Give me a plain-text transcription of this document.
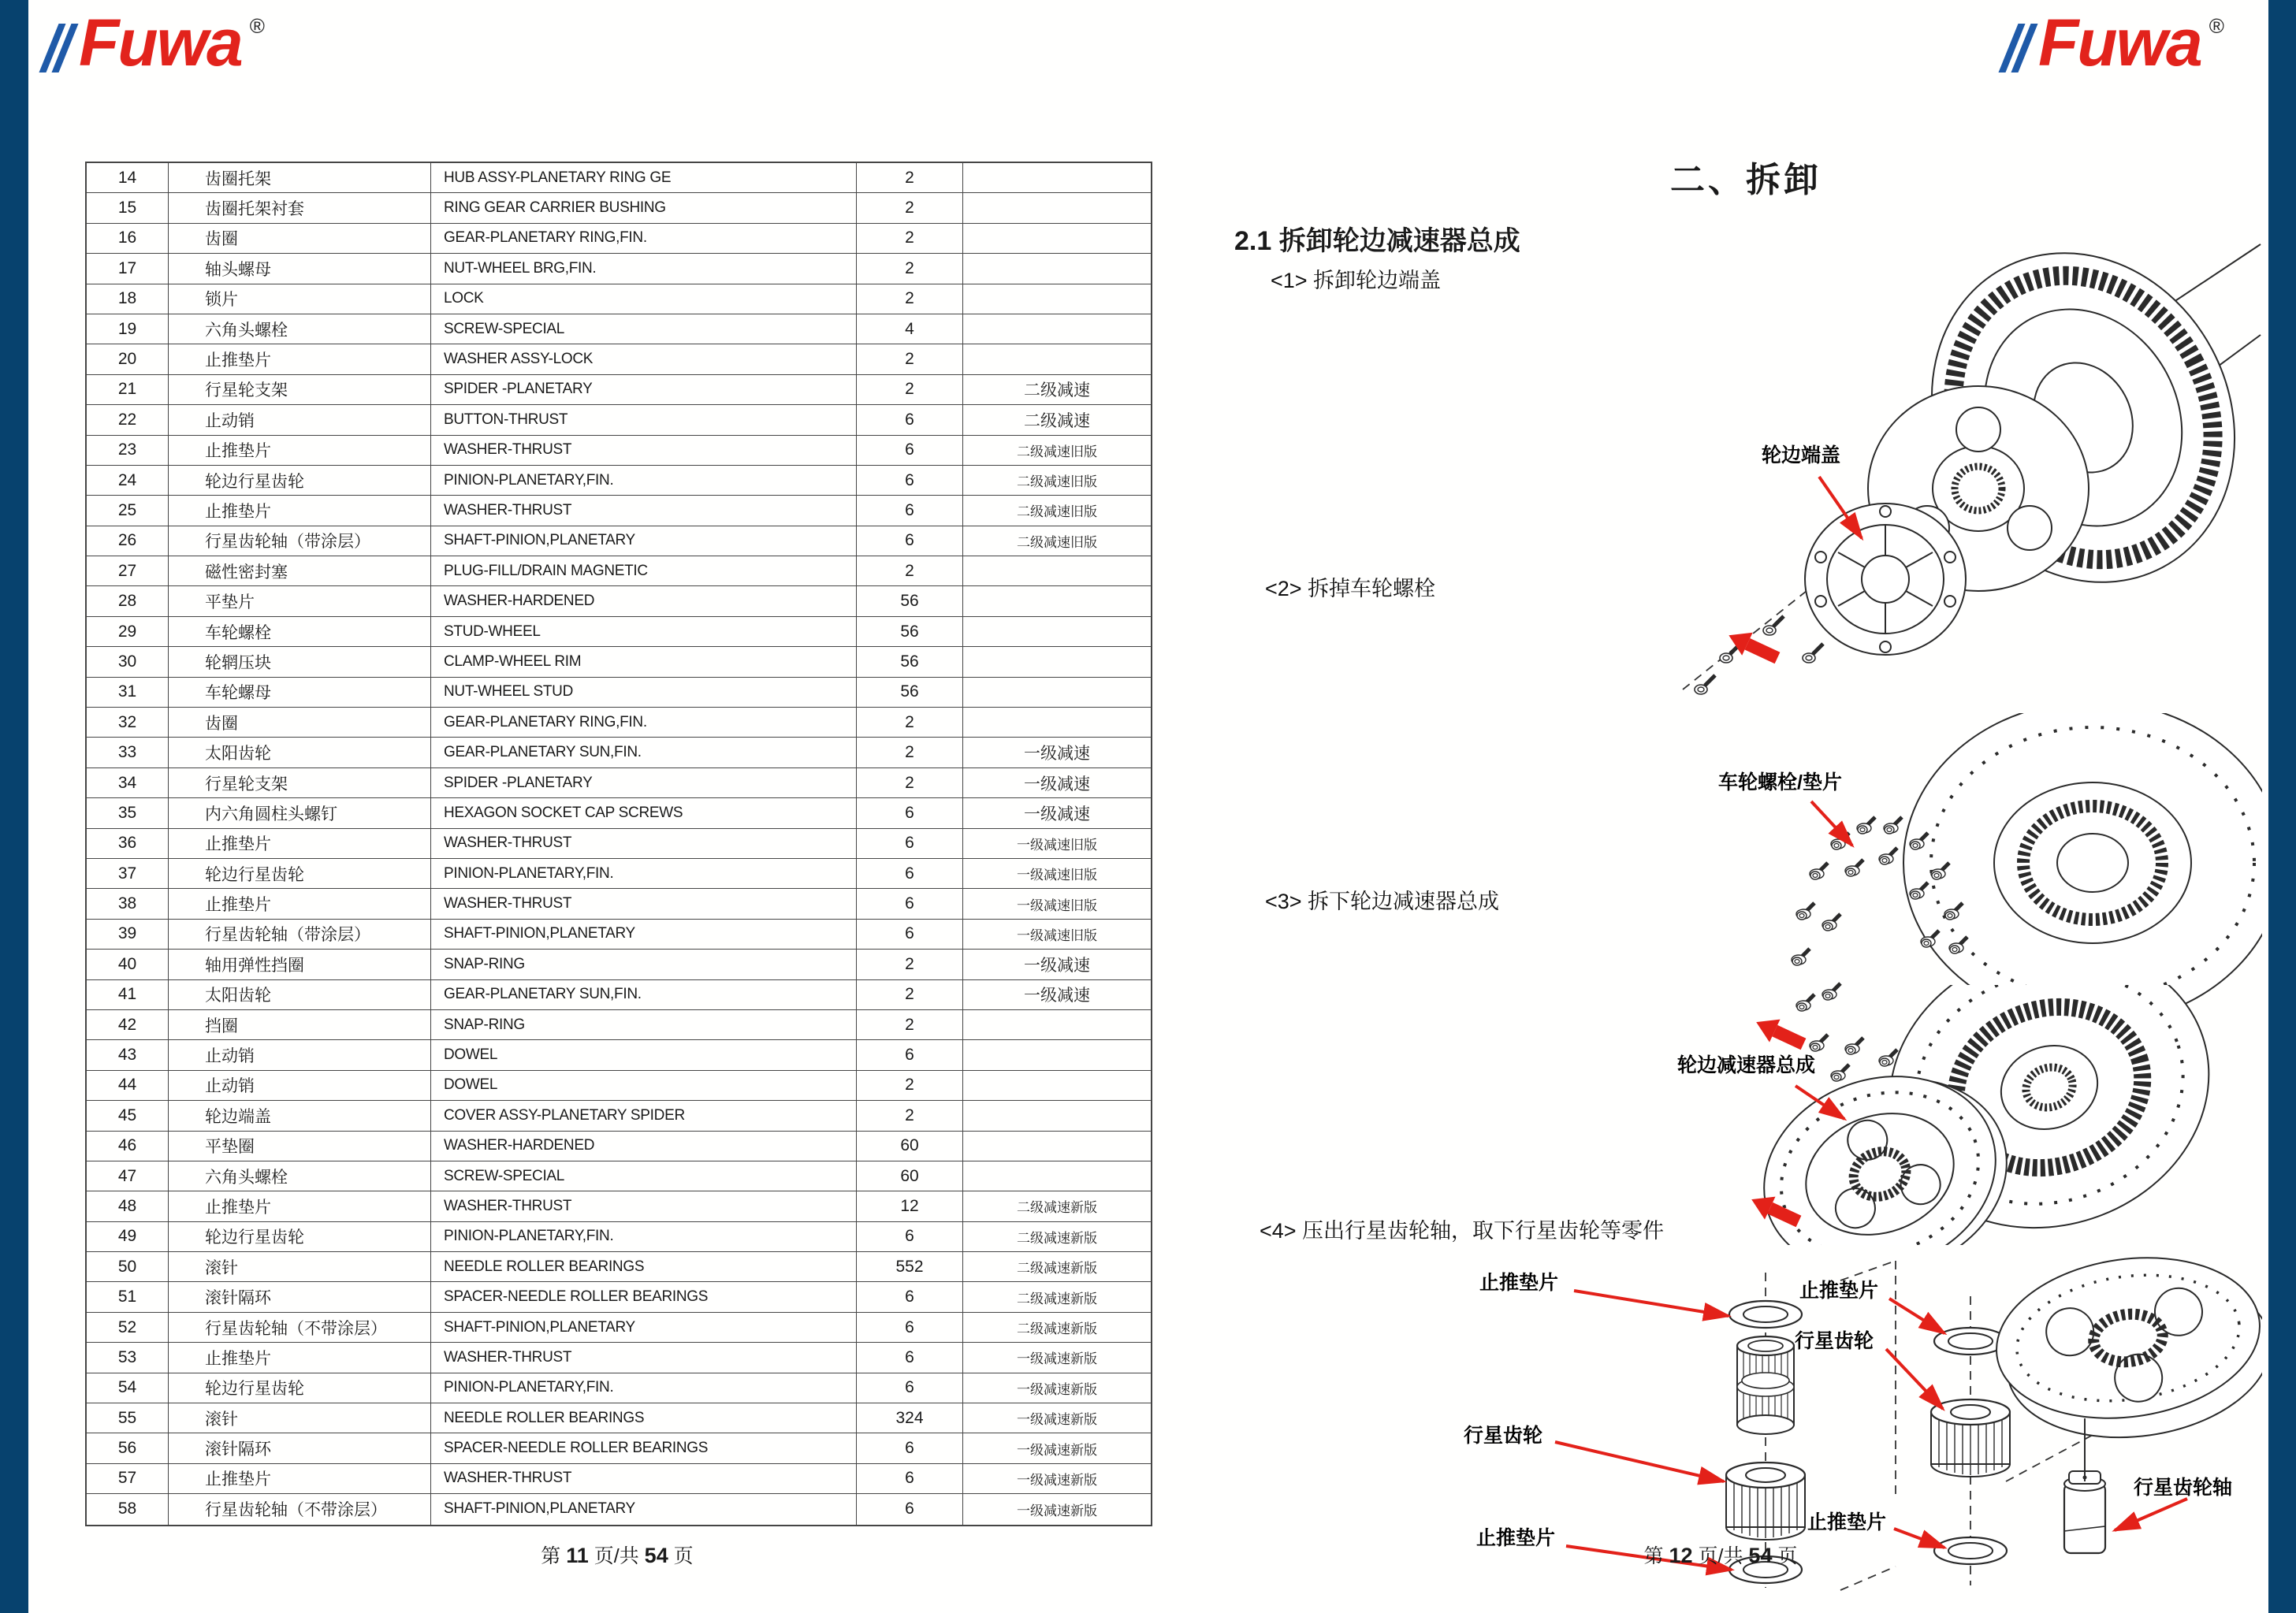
Fuwa ®
14	齿圈托架	HUB ASSY-PLANETARY RING GE	2
15	齿圈托架衬套	RING GEAR CARRIER BUSHING	2
16	齿圈	GEAR-PLANETARY RING,FIN.	2
17	轴头螺母	NUT-WHEEL BRG,FIN.	2
18	锁片	LOCK	2
19	六角头螺栓	SCREW-SPECIAL	4
20	止推垫片	WASHER ASSY-LOCK	2
21	行星轮支架	SPIDER -PLANETARY	2	二级减速
22	止动销	BUTTON-THRUST	6	二级减速
23	止推垫片	WASHER-THRUST	6	二级减速旧版
24	轮边行星齿轮	PINION-PLANETARY,FIN.	6	二级减速旧版
25	止推垫片	WASHER-THRUST	6	二级减速旧版
26	行星齿轮轴（带涂层）	SHAFT-PINION,PLANETARY	6	二级减速旧版
27	磁性密封塞	PLUG-FILL/DRAIN MAGNETIC	2
28	平垫片	WASHER-HARDENED	56
29	车轮螺栓	STUD-WHEEL	56
30	轮辋压块	CLAMP-WHEEL RIM	56
31	车轮螺母	NUT-WHEEL STUD	56
32	齿圈	GEAR-PLANETARY RING,FIN.	2
33	太阳齿轮	GEAR-PLANETARY SUN,FIN.	2	一级减速
34	行星轮支架	SPIDER -PLANETARY	2	一级减速
35	内六角圆柱头螺钉	HEXAGON SOCKET CAP SCREWS	6	一级减速
36	止推垫片	WASHER-THRUST	6	一级减速旧版
37	轮边行星齿轮	PINION-PLANETARY,FIN.	6	一级减速旧版
38	止推垫片	WASHER-THRUST	6	一级减速旧版
39	行星齿轮轴（带涂层）	SHAFT-PINION,PLANETARY	6	一级减速旧版
40	轴用弹性挡圈	SNAP-RING	2	一级减速
41	太阳齿轮	GEAR-PLANETARY SUN,FIN.	2	一级减速
42	挡圈	SNAP-RING	2
43	止动销	DOWEL	6
44	止动销	DOWEL	2
45	轮边端盖	COVER ASSY-PLANETARY SPIDER	2
46	平垫圈	WASHER-HARDENED	60
47	六角头螺栓	SCREW-SPECIAL	60
48	止推垫片	WASHER-THRUST	12	二级减速新版
49	轮边行星齿轮	PINION-PLANETARY,FIN.	6	二级减速新版
50	滚针	NEEDLE ROLLER BEARINGS	552	二级减速新版
51	滚针隔环	SPACER-NEEDLE ROLLER BEARINGS	6	二级减速新版
52	行星齿轮轴（不带涂层）	SHAFT-PINION,PLANETARY	6	二级减速新版
53	止推垫片	WASHER-THRUST	6	一级减速新版
54	轮边行星齿轮	PINION-PLANETARY,FIN.	6	一级减速新版
55	滚针	NEEDLE ROLLER BEARINGS	324	一级减速新版
56	滚针隔环	SPACER-NEEDLE ROLLER BEARINGS	6	一级减速新版
57	止推垫片	WASHER-THRUST	6	一级减速新版
58	行星齿轮轴（不带涂层）	SHAFT-PINION,PLANETARY	6	一级减速新版
第 11 页/共 54 页
Fuwa ®
二、拆卸
2.1 拆卸轮边减速器总成
<1> 拆卸轮边端盖
<2> 拆掉车轮螺栓
<3> 拆下轮边减速器总成
<4> 压出行星齿轮轴，取下行星齿轮等零件
轮边端盖
车轮螺栓/垫片
轮边减速器总成
止推垫片
行星齿轮
止推垫片
止推垫片
行星齿轮
止推垫片
行星齿轮轴
第 12 页/共 54 页
